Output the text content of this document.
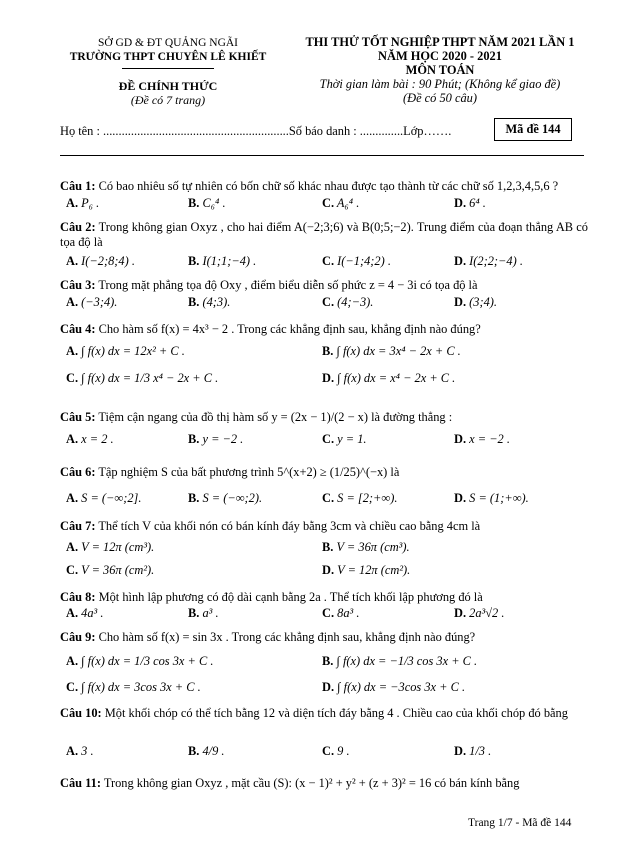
SỞ GD & ĐT QUẢNG NGÃI
TRƯỜNG THPT CHUYÊN LÊ KHIẾT
ĐỀ CHÍNH THỨC
(Đề có 7 trang)
THI THỬ TỐT NGHIỆP THPT NĂM 2021 LẦN 1
NĂM HỌC 2020 - 2021
MÔN TOÁN
Thời gian làm bài : 90 Phút; (Không kể giao đề)
(Đề có 50 câu)
Họ tên : ............................................................Số báo danh : ..............Lớp…….	Mã đề 144
Câu 1: Có bao nhiêu số tự nhiên có bốn chữ số khác nhau được tạo thành từ các chữ số 1,2,3,4,5,6 ?
A. P₆ .	B. C₆⁴ .	C. A₆⁴ .	D. 6⁴ .
Câu 2: Trong không gian Oxyz , cho hai điểm A(−2;3;6) và B(0;5;−2). Trung điểm của đoạn thẳng AB có tọa độ là
A. I(−2;8;4) .	B. I(1;1;−4) .	C. I(−1;4;2) .	D. I(2;2;−4) .
Câu 3: Trong mặt phẳng tọa độ Oxy , điểm biểu diễn số phức z = 4 − 3i có tọa độ là
A. (−3;4).	B. (4;3).	C. (4;−3).	D. (3;4).
Câu 4: Cho hàm số f(x) = 4x³ − 2 . Trong các khẳng định sau, khẳng định nào đúng?
A. ∫ f(x) dx = 12x² + C .	B. ∫ f(x) dx = 3x⁴ − 2x + C .
C. ∫ f(x) dx = 1/3 x⁴ − 2x + C .	D. ∫ f(x) dx = x⁴ − 2x + C .
Câu 5: Tiệm cận ngang của đồ thị hàm số y = (2x − 1)/(2 − x) là đường thẳng :
A. x = 2 .	B. y = −2 .	C. y = 1.	D. x = −2 .
Câu 6: Tập nghiệm S của bất phương trình 5^(x+2) ≥ (1/25)^(−x) là
A. S = (−∞;2].	B. S = (−∞;2).	C. S = [2;+∞).	D. S = (1;+∞).
Câu 7: Thể tích V của khối nón có bán kính đáy bằng 3cm và chiều cao bằng 4cm là
A. V = 12π (cm³).	B. V = 36π (cm³).
C. V = 36π (cm²).	D. V = 12π (cm²).
Câu 8: Một hình lập phương có độ dài cạnh bằng 2a . Thể tích khối lập phương đó là
A. 4a³ .	B. a³ .	C. 8a³ .	D. 2a³√2 .
Câu 9: Cho hàm số f(x) = sin 3x . Trong các khẳng định sau, khẳng định nào đúng?
A. ∫ f(x) dx = 1/3 cos 3x + C .	B. ∫ f(x) dx = −1/3 cos 3x + C .
C. ∫ f(x) dx = 3cos 3x + C .	D. ∫ f(x) dx = −3cos 3x + C .
Câu 10: Một khối chóp có thể tích bằng 12 và diện tích đáy bằng 4 . Chiều cao của khối chóp đó bằng
A. 3 .	B. 4/9 .	C. 9 .	D. 1/3 .
Câu 11: Trong không gian Oxyz , mặt cầu (S): (x − 1)² + y² + (z + 3)² = 16 có bán kính bằng
Trang 1/7 - Mã đề 144
